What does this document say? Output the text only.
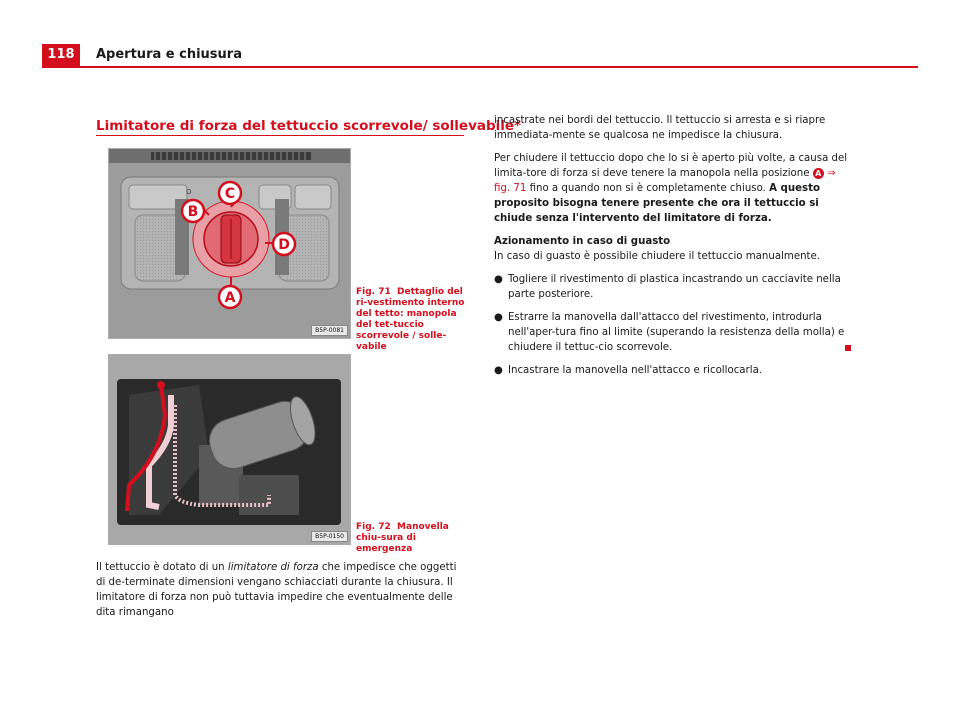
118	Apertura e chiusura
Limitatore di forza del tettuccio scorrevole/ sollevabile*
O
A
B
C
D
B5P-0081
Fig. 71 Dettaglio del ri-vestimento interno del tetto: manopola del tet-tuccio scorrevole / solle-vabile
B5P-0150
Fig. 72 Manovella chiu-sura di emergenza
Il tettuccio è dotato di un limitatore di forza che impedisce che oggetti di de-terminate dimensioni vengano schiacciati durante la chiusura. Il limitatore di forza non può tuttavia impedire che eventualmente delle dita rimangano

incastrate nei bordi del tettuccio. Il tettuccio si arresta e si riapre immediata-mente se qualcosa ne impedisce la chiusura.

Per chiudere il tettuccio dopo che lo si è aperto più volte, a causa del limita-tore di forza si deve tenere la manopola nella posizione A ⇒ fig. 71 fino a quando non si è completamente chiuso. A questo proposito bisogna tenere presente che ora il tettuccio si chiude senza l'intervento del limitatore di forza.

Azionamento in caso di guasto

In caso di guasto è possibile chiudere il tettuccio manualmente.

● Togliere il rivestimento di plastica incastrando un cacciavite nella parte posteriore.
● Estrarre la manovella dall'attacco del rivestimento, introdurla nell'aper-tura fino al limite (superando la resistenza della molla) e chiudere il tettuc-cio scorrevole.
● Incastrare la manovella nell'attacco e ricollocarla.
